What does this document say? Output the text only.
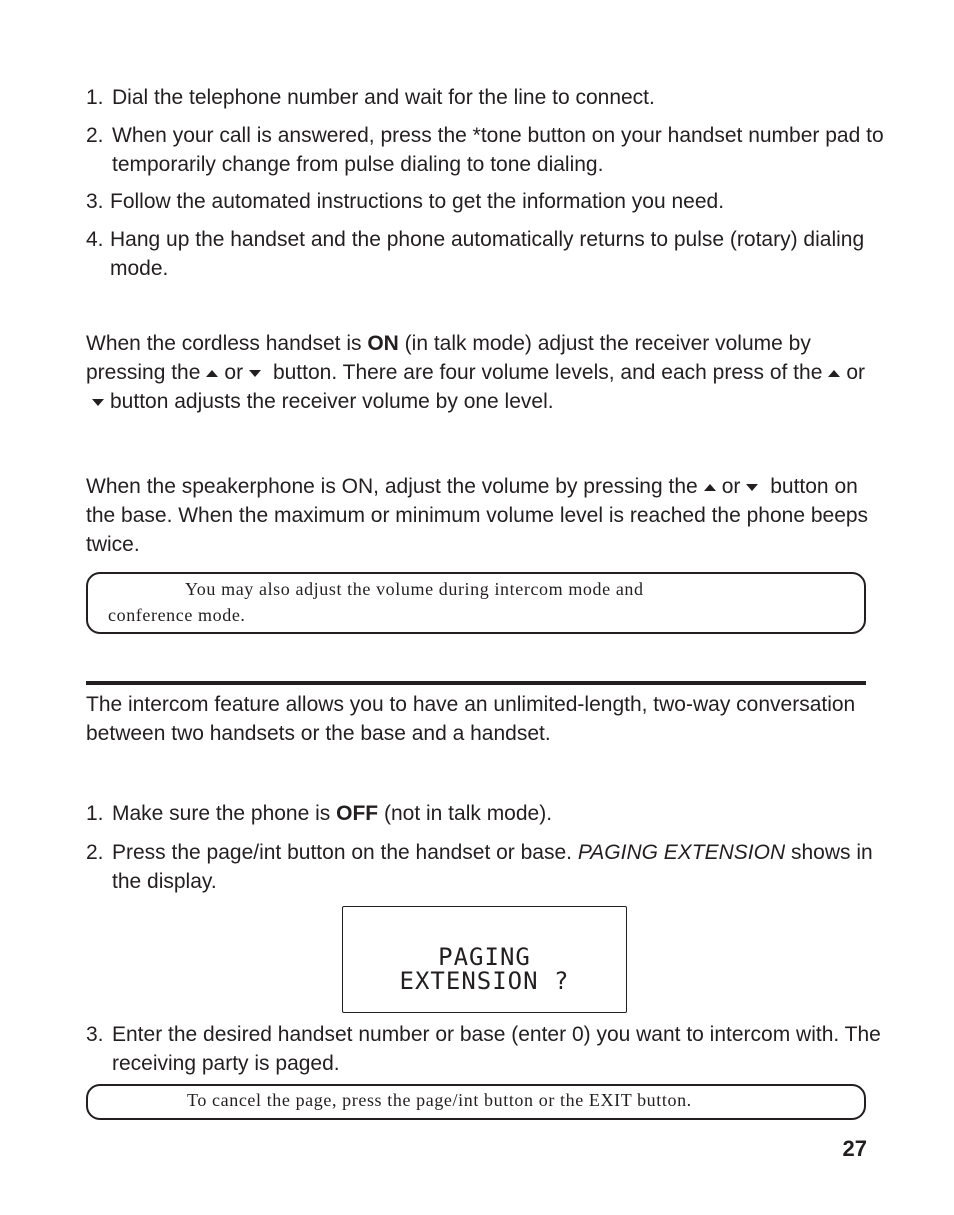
1. Dial the telephone number and wait for the line to connect.
2. When your call is answered, press the *tone button on your handset number pad to temporarily change from pulse dialing to tone dialing.
3. Follow the automated instructions to get the information you need.
4. Hang up the handset and the phone automatically returns to pulse (rotary) dialing mode.
When the cordless handset is ON (in talk mode) adjust the receiver volume by pressing the or button. There are four volume levels, and each press of the orbutton adjusts the receiver volume by one level.
When the speakerphone is ON, adjust the volume by pressing the or button on the base. When the maximum or minimum volume level is reached the phone beeps twice.
You may also adjust the volume during intercom mode and
conference mode.
The intercom feature allows you to have an unlimited-length, two-way conversation between two handsets or the base and a handset.
1. Make sure the phone is OFF (not in talk mode).
2. Press the page/int button on the handset or base. PAGING EXTENSION shows in the display.
PAGING
EXTENSION ?
3. Enter the desired handset number or base (enter 0) you want to intercom with. The receiving party is paged.
To cancel the page, press the page/int button or the EXIT button.
27
